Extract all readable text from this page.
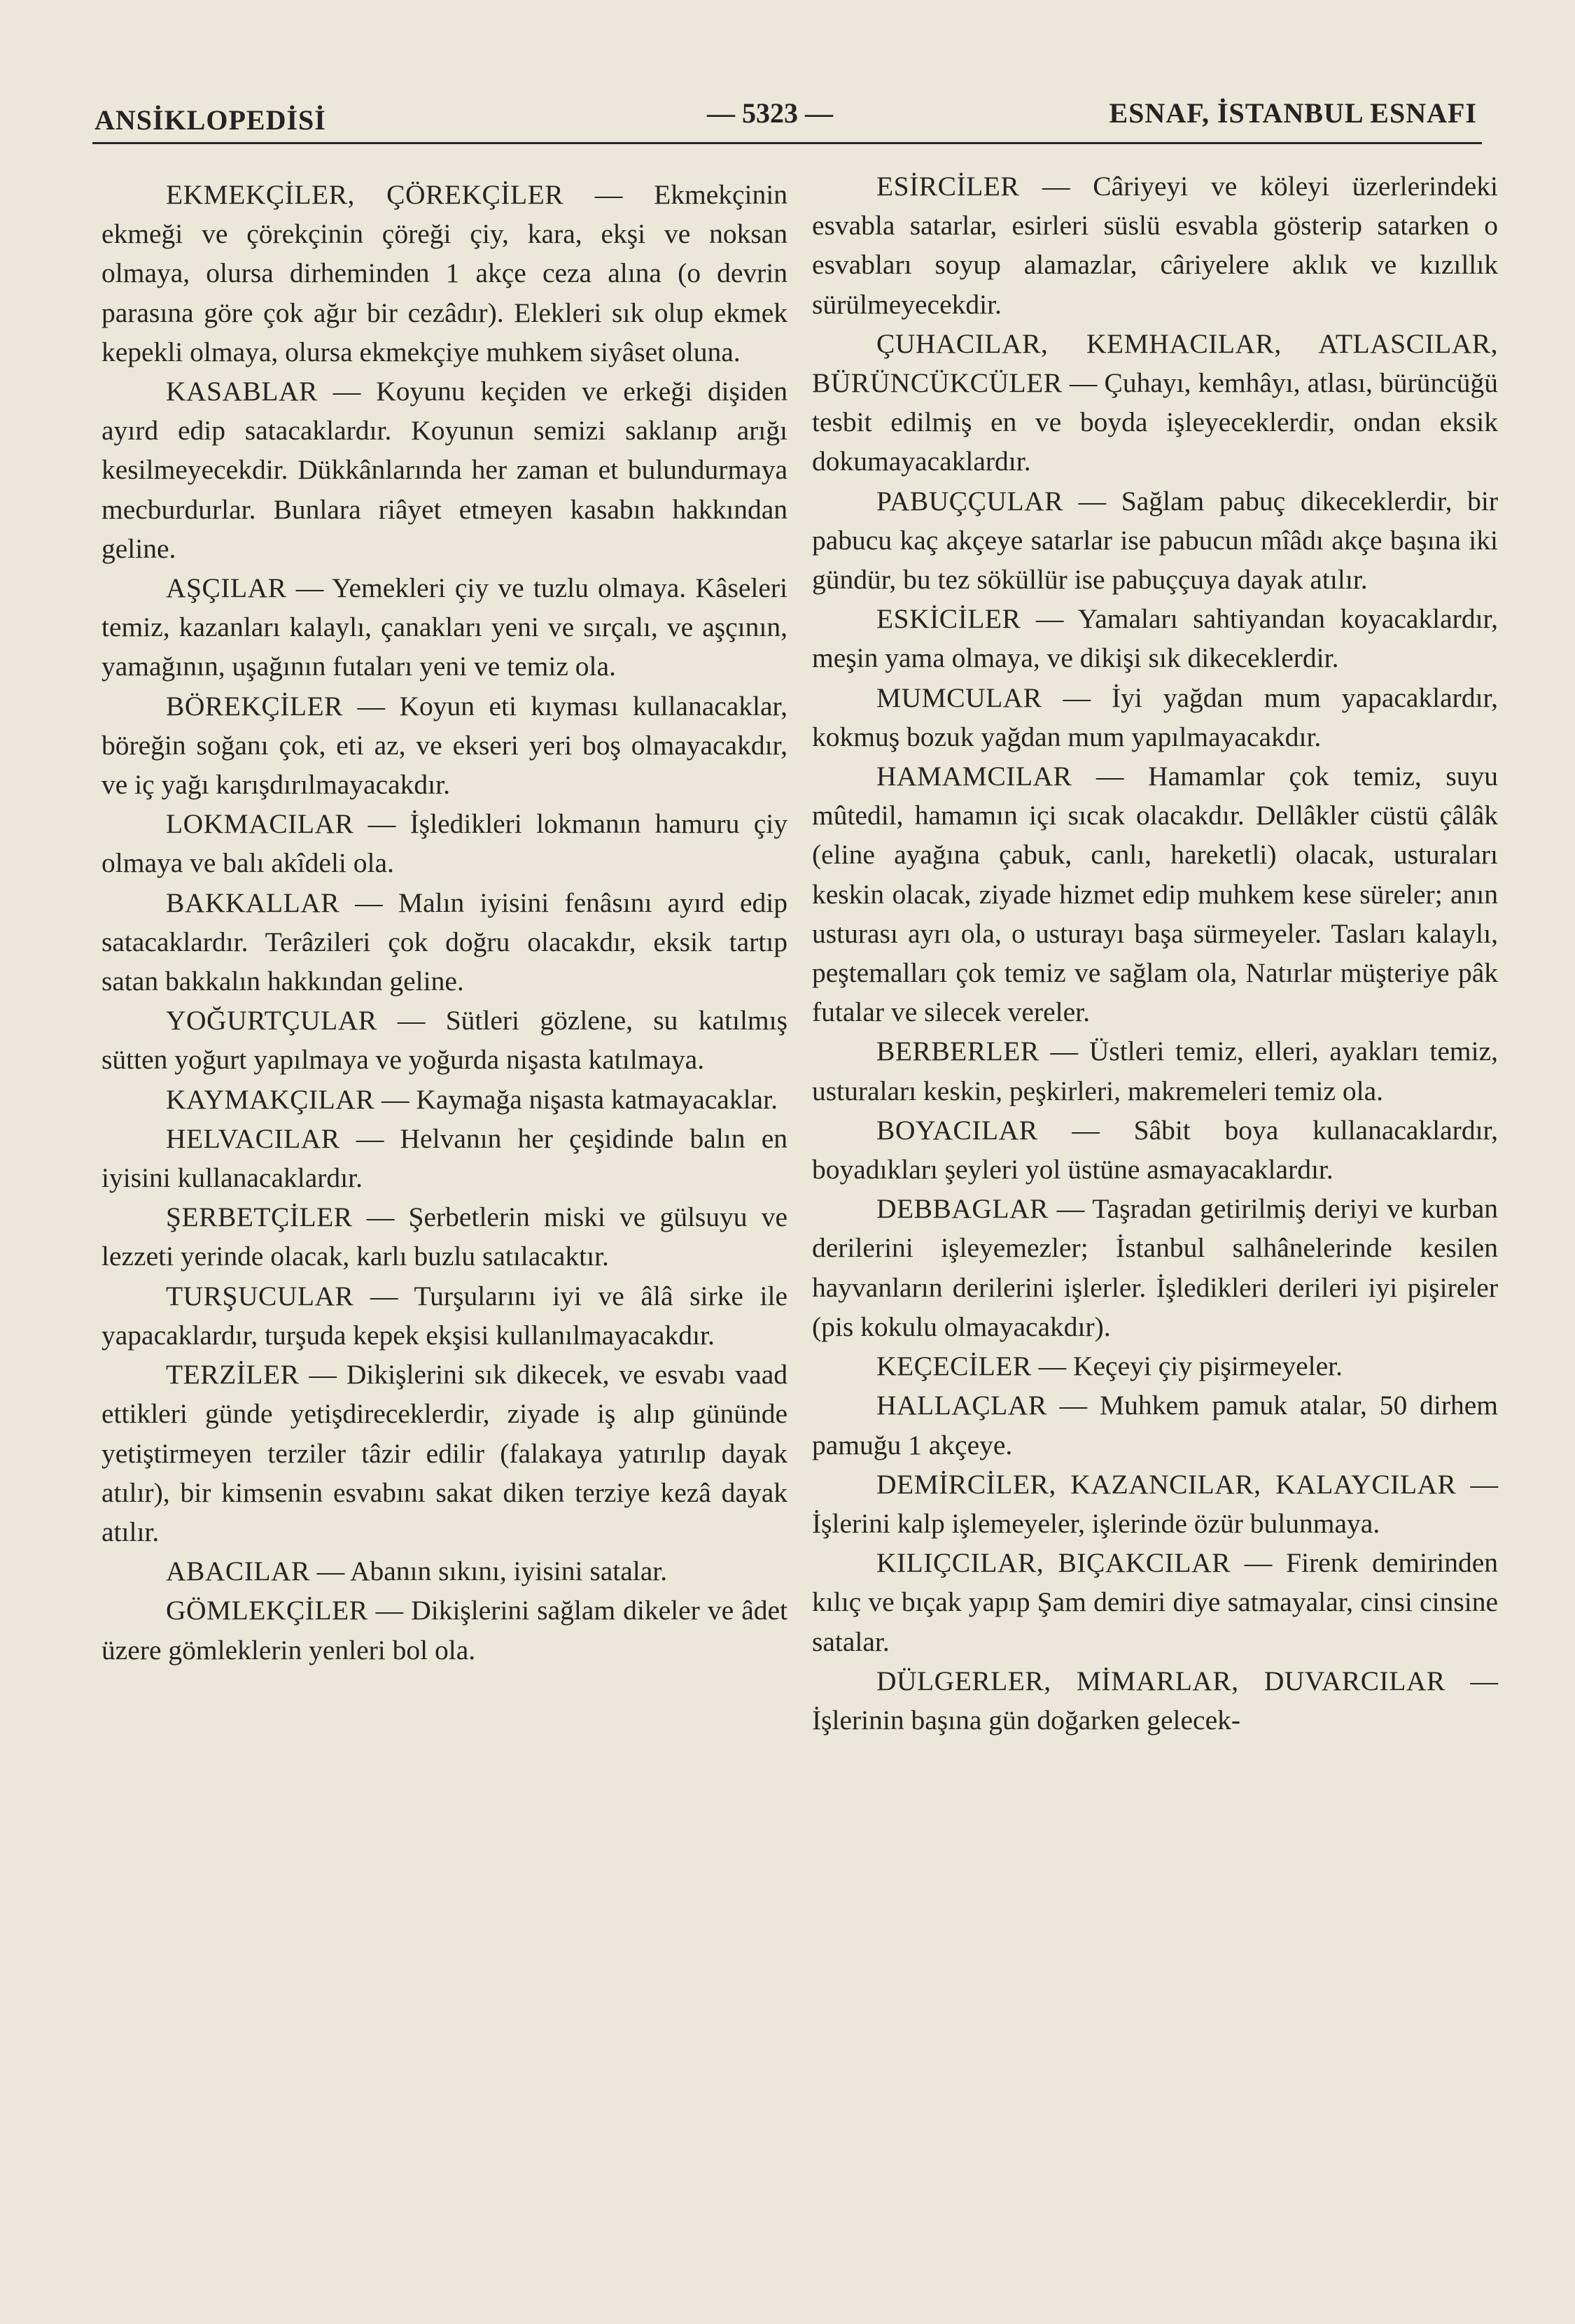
ANSİKLOPEDİSİ	— 5323 —	ESNAF, İSTANBUL ESNAFI

EKMEKÇİLER, ÇÖREKÇİLER — Ekmekçinin ekmeği ve çörekçinin çöreği çiy, kara, ekşi ve noksan olmaya, olursa dirheminden 1 akçe ceza alına (o devrin parasına göre çok ağır bir cezâdır). Elekleri sık olup ekmek kepekli olmaya, olursa ekmekçiye muhkem siyâset oluna.

KASABLAR — Koyunu keçiden ve erkeği dişiden ayırd edip satacaklardır. Koyunun semizi saklanıp arığı kesilmeyecekdir. Dükkânlarında her zaman et bulundurmaya mecburdurlar. Bunlara riâyet etmeyen kasabın hakkından geline.

AŞÇILAR — Yemekleri çiy ve tuzlu olmaya. Kâseleri temiz, kazanları kalaylı, çanakları yeni ve sırçalı, ve aşçının, yamağının, uşağının futaları yeni ve temiz ola.

BÖREKÇİLER — Koyun eti kıyması kullanacaklar, böreğin soğanı çok, eti az, ve ekseri yeri boş olmayacakdır, ve iç yağı karışdırılmayacakdır.

LOKMACILAR — İşledikleri lokmanın hamuru çiy olmaya ve balı akîdeli ola.

BAKKALLAR — Malın iyisini fenâsını ayırd edip satacaklardır. Terâzileri çok doğru olacakdır, eksik tartıp satan bakkalın hakkından geline.

YOĞURTÇULAR — Sütleri gözlene, su katılmış sütten yoğurt yapılmaya ve yoğurda nişasta katılmaya.

KAYMAKÇILAR — Kaymağa nişasta katmayacaklar.

HELVACILAR — Helvanın her çeşidinde balın en iyisini kullanacaklardır.

ŞERBETÇİLER — Şerbetlerin miski ve gülsuyu ve lezzeti yerinde olacak, karlı buzlu satılacaktır.

TURŞUCULAR — Turşularını iyi ve âlâ sirke ile yapacaklardır, turşuda kepek ekşisi kullanılmayacakdır.

TERZİLER — Dikişlerini sık dikecek, ve esvabı vaad ettikleri günde yetişdireceklerdir, ziyade iş alıp gününde yetiştirmeyen terziler tâzir edilir (falakaya yatırılıp dayak atılır), bir kimsenin esvabını sakat diken terziye kezâ dayak atılır.

ABACILAR — Abanın sıkını, iyisini satalar.

GÖMLEKÇİLER — Dikişlerini sağlam dikeler ve âdet üzere gömleklerin yenleri bol ola.

ESİRCİLER — Câriyeyi ve köleyi üzerlerindeki esvabla satarlar, esirleri süslü esvabla gösterip satarken o esvabları soyup alamazlar, câriyelere aklık ve kızıllık sürülmeyecekdir.

ÇUHACILAR, KEMHACILAR, ATLASCILAR, BÜRÜNCÜKCÜLER — Çuhayı, kemhâyı, atlası, bürüncüğü tesbit edilmiş en ve boyda işleyeceklerdir, ondan eksik dokumayacaklardır.

PABUÇÇULAR — Sağlam pabuç dikeceklerdir, bir pabucu kaç akçeye satarlar ise pabucun mîâdı akçe başına iki gündür, bu tez söküllür ise pabuççuya dayak atılır.

ESKİCİLER — Yamaları sahtiyandan koyacaklardır, meşin yama olmaya, ve dikişi sık dikeceklerdir.

MUMCULAR — İyi yağdan mum yapacaklardır, kokmuş bozuk yağdan mum yapılmayacakdır.

HAMAMCILAR — Hamamlar çok temiz, suyu mûtedil, hamamın içi sıcak olacakdır. Dellâkler cüstü çâlâk (eline ayağına çabuk, canlı, hareketli) olacak, usturaları keskin olacak, ziyade hizmet edip muhkem kese süreler; anın usturası ayrı ola, o usturayı başa sürmeyeler. Tasları kalaylı, peştemalları çok temiz ve sağlam ola, Natırlar müşteriye pâk futalar ve silecek vereler.

BERBERLER — Üstleri temiz, elleri, ayakları temiz, usturaları keskin, peşkirleri, makremeleri temiz ola.

BOYACILAR — Sâbit boya kullanacaklardır, boyadıkları şeyleri yol üstüne asmayacaklardır.

DEBBAGLAR — Taşradan getirilmiş deriyi ve kurban derilerini işleyemezler; İstanbul salhânelerinde kesilen hayvanların derilerini işlerler. İşledikleri derileri iyi pişireler (pis kokulu olmayacakdır).

KEÇECİLER — Keçeyi çiy pişirmeyeler.

HALLAÇLAR — Muhkem pamuk atalar, 50 dirhem pamuğu 1 akçeye.

DEMİRCİLER, KAZANCILAR, KALAYCILAR — İşlerini kalp işlemeyeler, işlerinde özür bulunmaya.

KILIÇCILAR, BIÇAKCILAR — Firenk demirinden kılıç ve bıçak yapıp Şam demiri diye satmayalar, cinsi cinsine satalar.

DÜLGERLER, MİMARLAR, DUVARCILAR — İşlerinin başına gün doğarken gelecek-
